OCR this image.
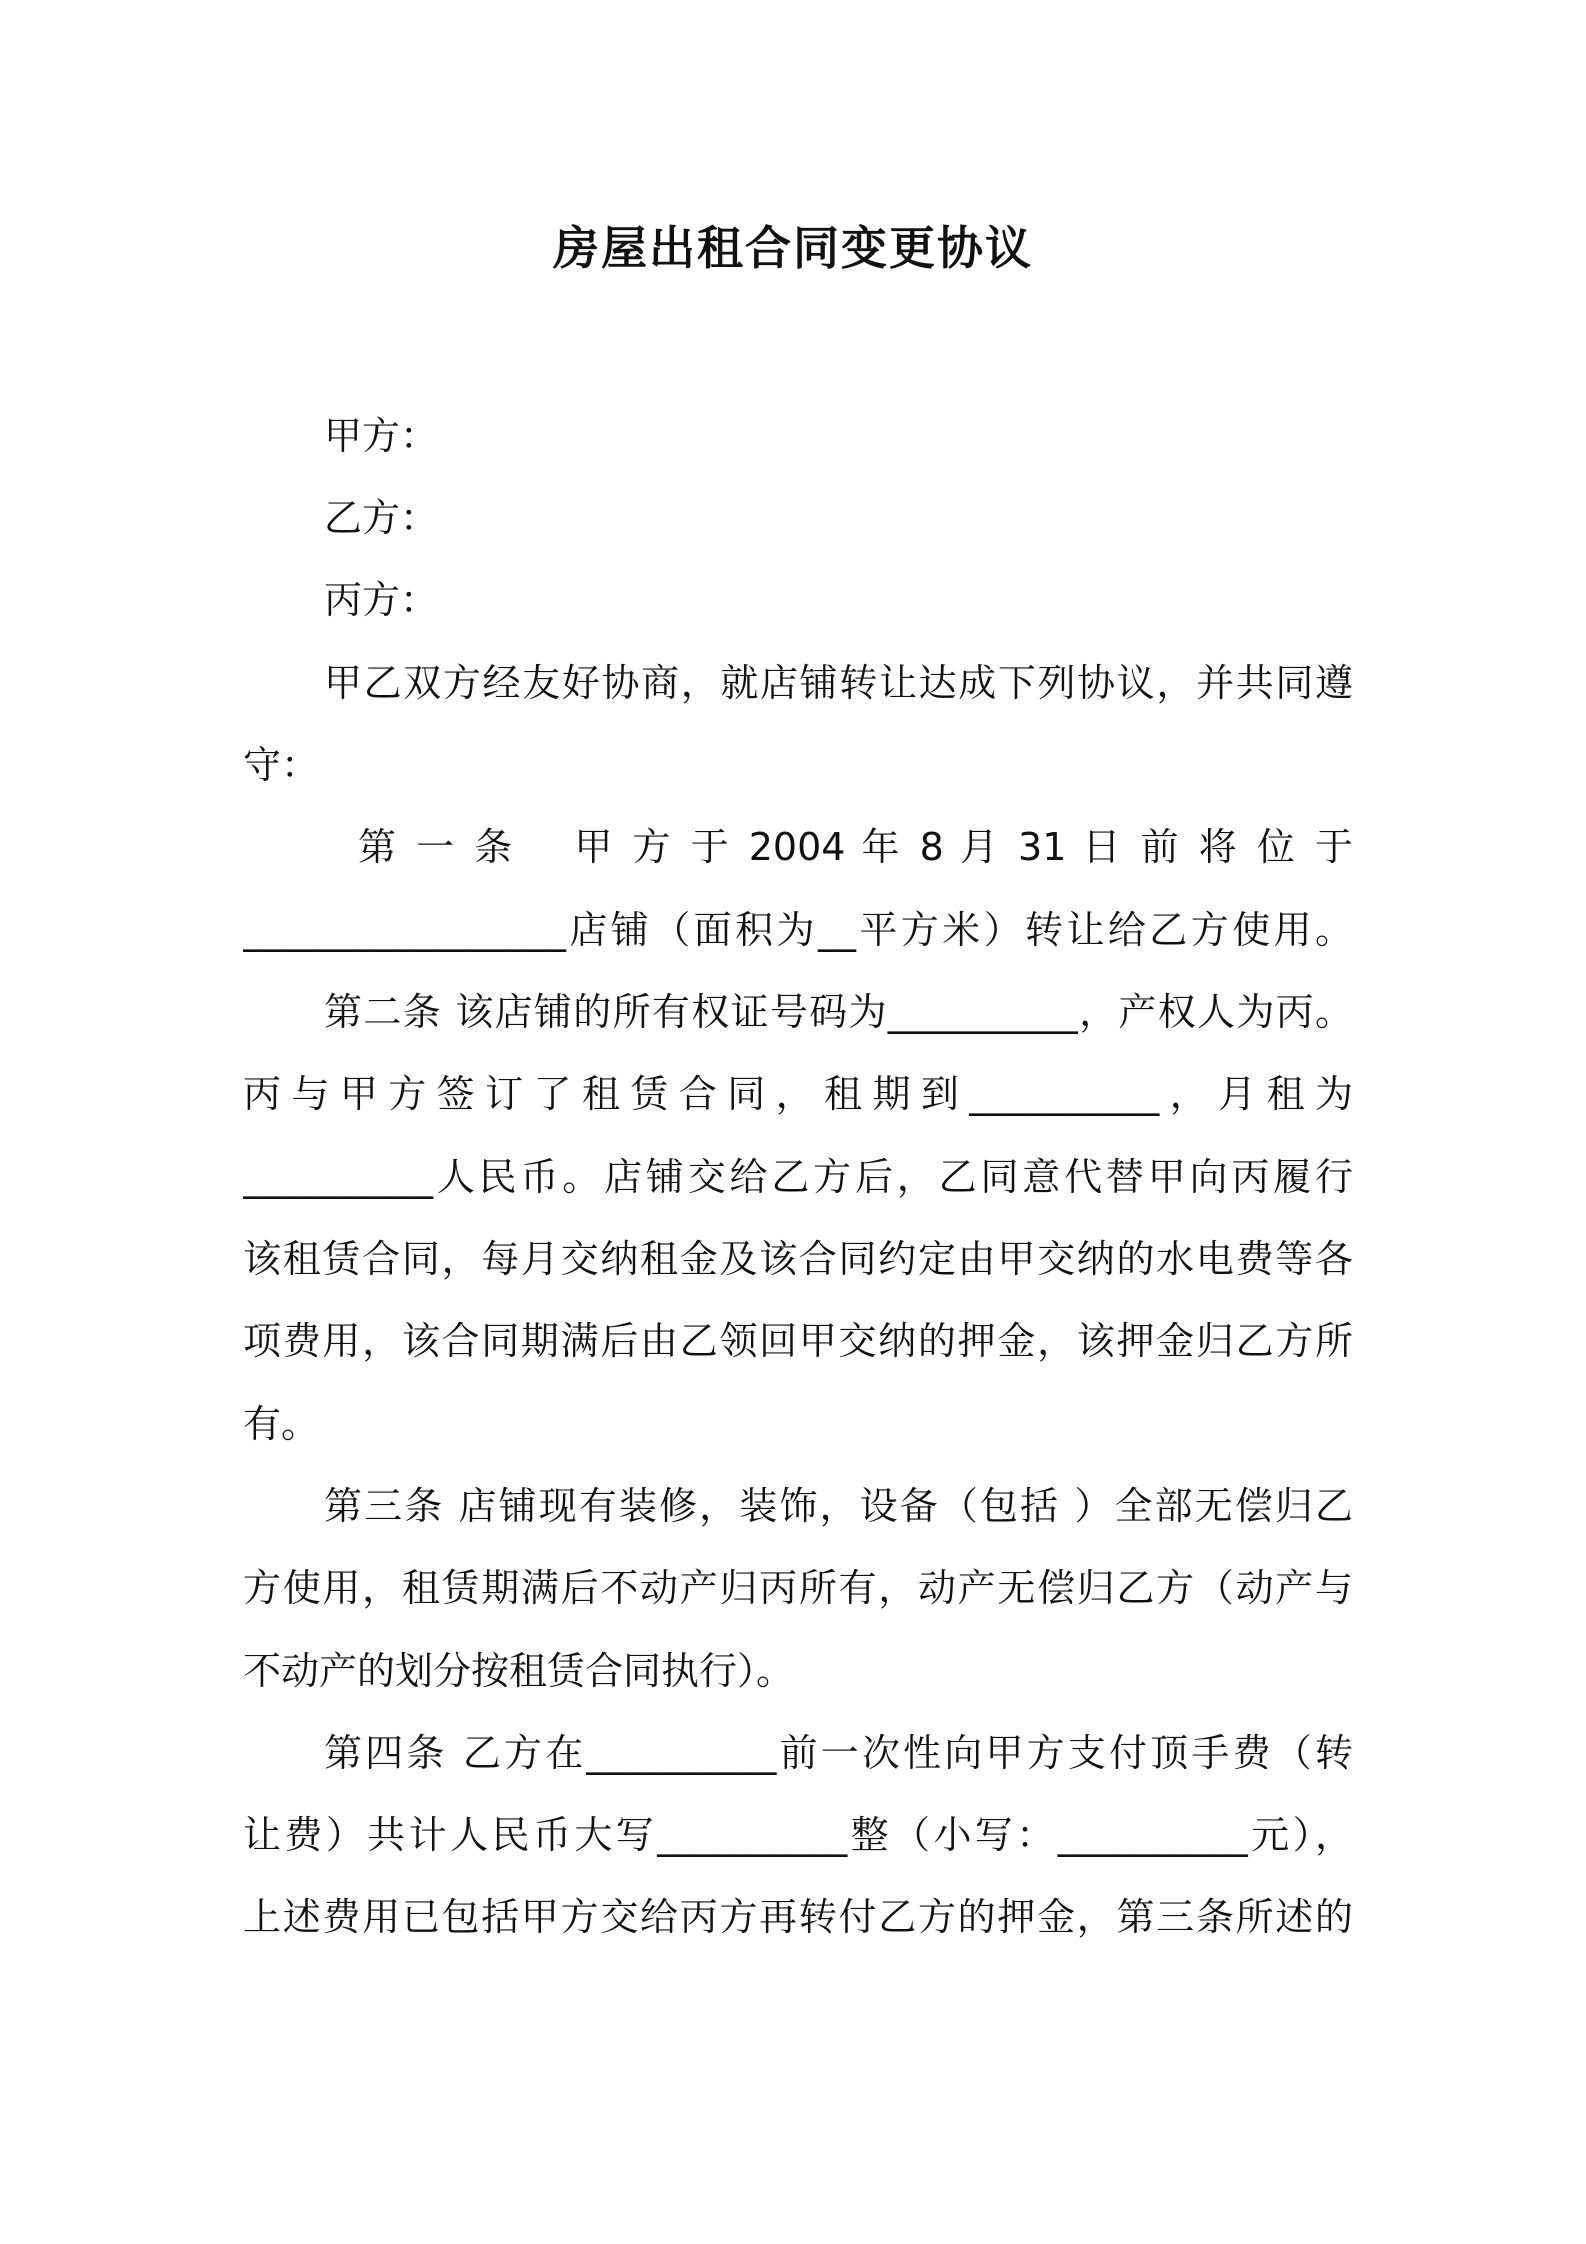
房屋出租合同变更协议
甲方：
乙方：
丙方：
甲乙双方经友好协商，就店铺转让达成下列协议，并共同遵
守：
第 一 条　 甲 方 于 2004 年 8 月 31 日 前 将 位 于
_________________店铺（面积为__平方米）转让给乙方使用。
第二条 该店铺的所有权证号码为__________，产权人为丙。
丙与甲方签订了租赁合同，租期到__________，月租为
__________人民币。店铺交给乙方后，乙同意代替甲向丙履行
该租赁合同，每月交纳租金及该合同约定由甲交纳的水电费等各
项费用，该合同期满后由乙领回甲交纳的押金，该押金归乙方所
有。
第三条 店铺现有装修，装饰，设备（包括 ）全部无偿归乙
方使用，租赁期满后不动产归丙所有，动产无偿归乙方（动产与
不动产的划分按租赁合同执行）。
第四条 乙方在__________前一次性向甲方支付顶手费（转
让费）共计人民币大写__________整（小写：__________元），
上述费用已包括甲方交给丙方再转付乙方的押金，第三条所述的
